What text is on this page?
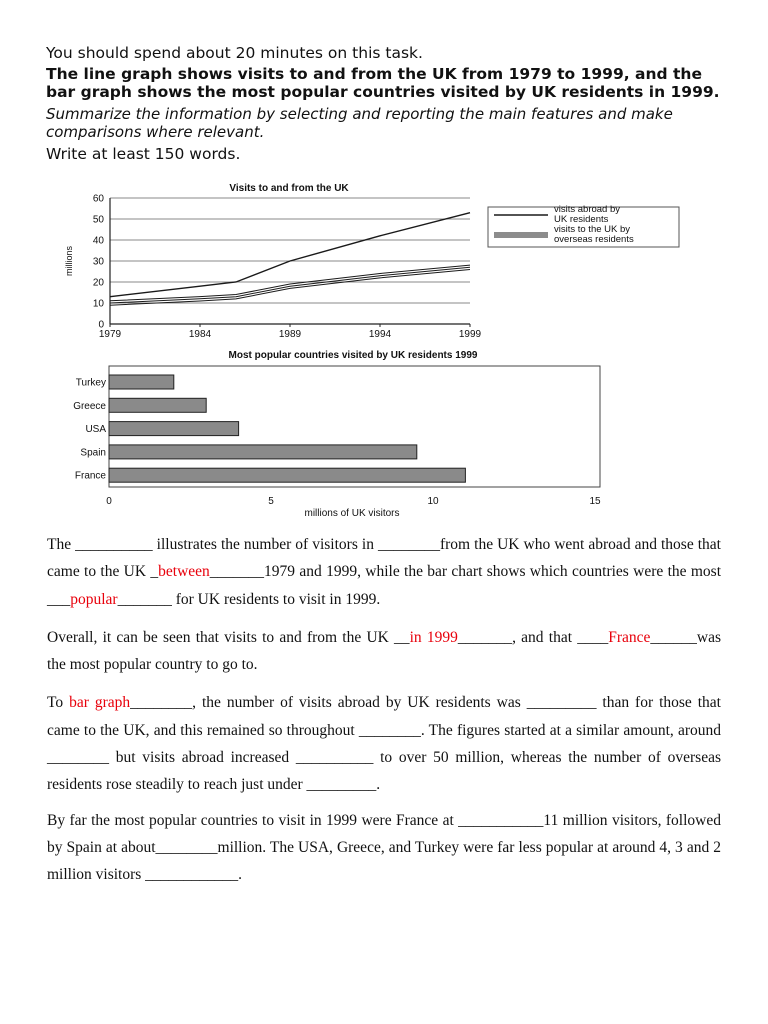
You should spend about 20 minutes on this task.
The line graph shows visits to and from the UK from 1979 to 1999, and the bar graph shows the most popular countries visited by UK residents in 1999.
Summarize the information by selecting and reporting the main features and make comparisons where relevant.
Write at least 150 words.
Visits to and from the UK
millions
0
10
20
30
40
50
60
1979	1984	1989	1994	1999
visits abroad by
UK residents
visits to the UK by
overseas residents
Most popular countries visited by UK residents 1999
Turkey
Greece
USA
Spain
France
0	5	10	15
millions of UK visitors

The __________ illustrates the number of visitors in ________from the UK who went abroad and those that came to the UK _between_______1979 and 1999, while the bar chart shows which countries were the most ___popular_______ for UK residents to visit in 1999.

Overall, it can be seen that visits to and from the UK __in 1999_______, and that ____France______was the most popular country to go to.

To bar graph________, the number of visits abroad by UK residents was _________ than for those that came to the UK, and this remained so throughout ________. The figures started at a similar amount, around ________ but visits abroad increased __________ to over 50 million, whereas the number of overseas residents rose steadily to reach just under _________.

By far the most popular countries to visit in 1999 were France at ___________11 million visitors, followed by Spain at about________million. The USA, Greece, and Turkey were far less popular at around 4, 3 and 2 million visitors ____________.
